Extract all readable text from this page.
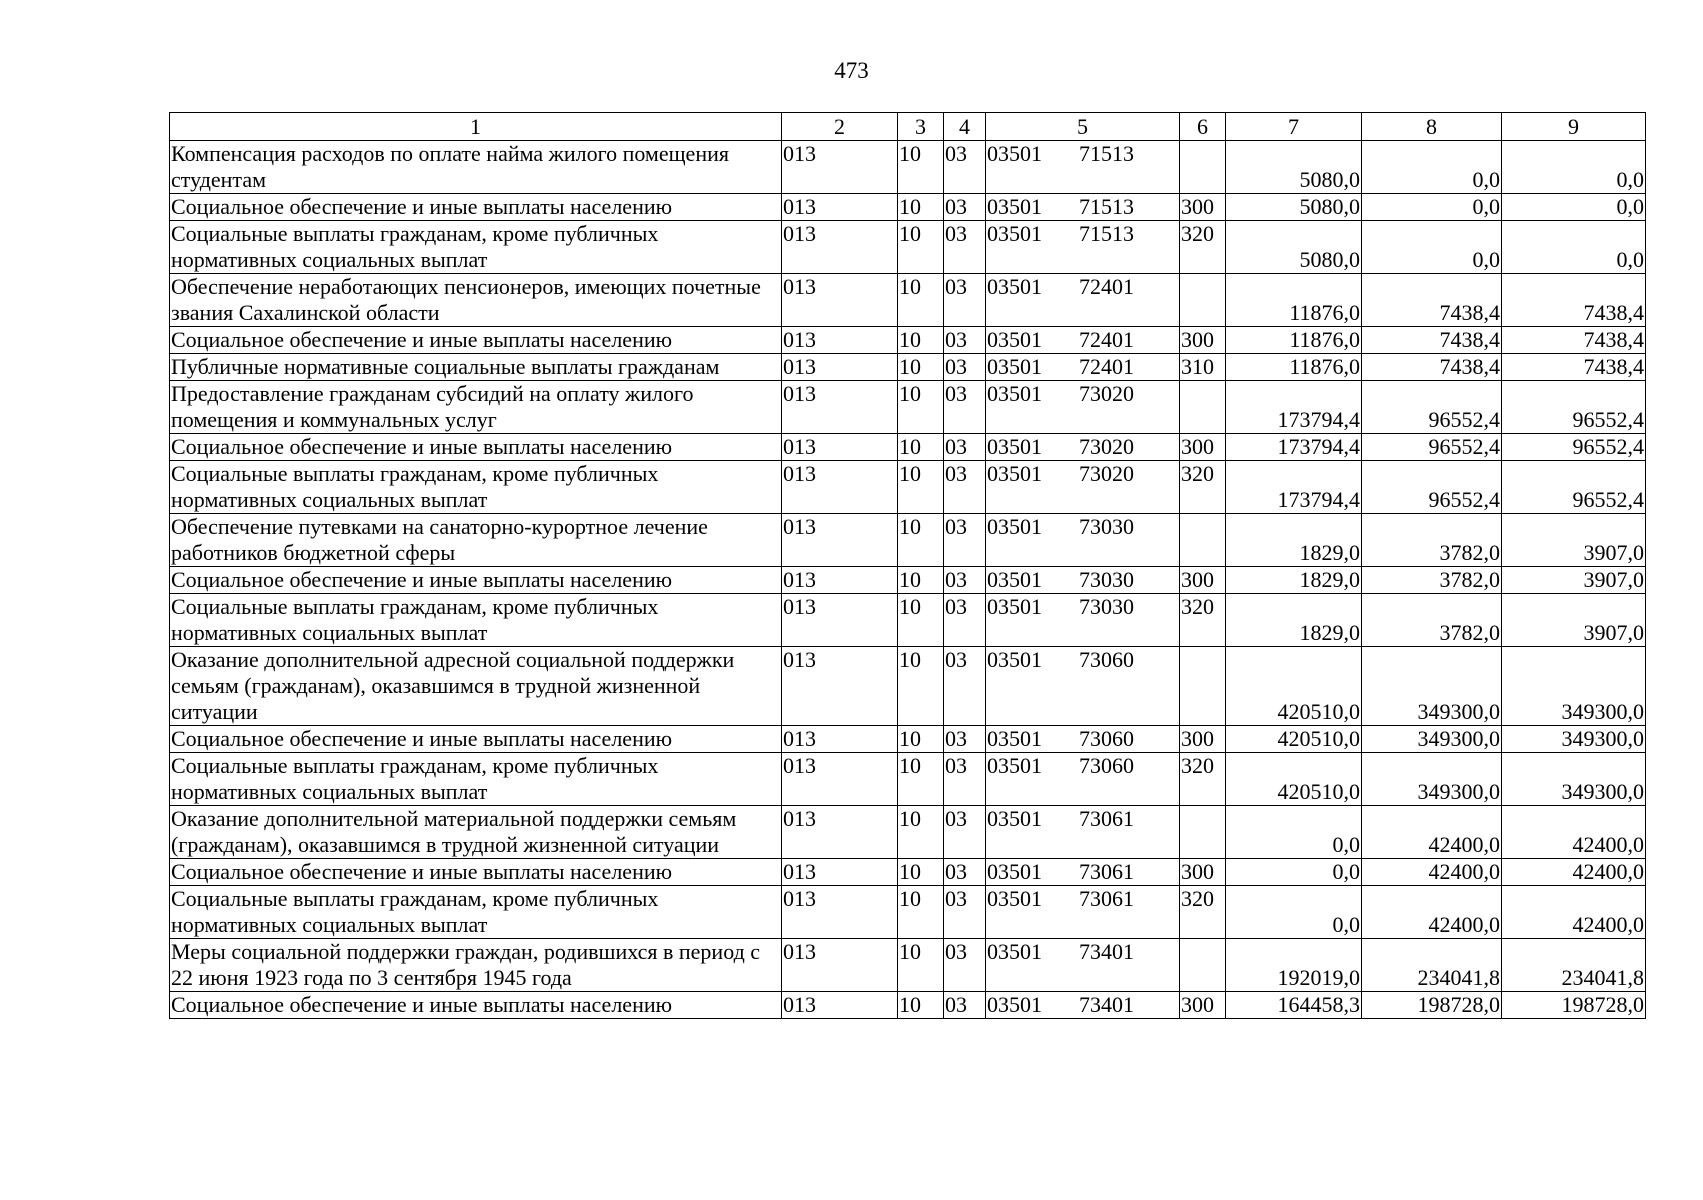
473
1	2	3	4	5	6	7	8	9
Компенсация расходов по оплате найма жилого помещения студентам	013	10	03	03501 71513		5080,0	0,0	0,0
Социальное обеспечение и иные выплаты населению	013	10	03	03501 71513	300	5080,0	0,0	0,0
Социальные выплаты гражданам, кроме публичных нормативных социальных выплат	013	10	03	03501 71513	320	5080,0	0,0	0,0
Обеспечение неработающих пенсионеров, имеющих почетные звания Сахалинской области	013	10	03	03501 72401		11876,0	7438,4	7438,4
Социальное обеспечение и иные выплаты населению	013	10	03	03501 72401	300	11876,0	7438,4	7438,4
Публичные нормативные социальные выплаты гражданам	013	10	03	03501 72401	310	11876,0	7438,4	7438,4
Предоставление гражданам субсидий на оплату жилого помещения и коммунальных услуг	013	10	03	03501 73020		173794,4	96552,4	96552,4
Социальное обеспечение и иные выплаты населению	013	10	03	03501 73020	300	173794,4	96552,4	96552,4
Социальные выплаты гражданам, кроме публичных нормативных социальных выплат	013	10	03	03501 73020	320	173794,4	96552,4	96552,4
Обеспечение путевками на санаторно-курортное лечение работников бюджетной сферы	013	10	03	03501 73030		1829,0	3782,0	3907,0
Социальное обеспечение и иные выплаты населению	013	10	03	03501 73030	300	1829,0	3782,0	3907,0
Социальные выплаты гражданам, кроме публичных нормативных социальных выплат	013	10	03	03501 73030	320	1829,0	3782,0	3907,0
Оказание дополнительной адресной социальной поддержки семьям (гражданам), оказавшимся в трудной жизненной ситуации	013	10	03	03501 73060		420510,0	349300,0	349300,0
Социальное обеспечение и иные выплаты населению	013	10	03	03501 73060	300	420510,0	349300,0	349300,0
Социальные выплаты гражданам, кроме публичных нормативных социальных выплат	013	10	03	03501 73060	320	420510,0	349300,0	349300,0
Оказание дополнительной материальной поддержки семьям (гражданам), оказавшимся в трудной жизненной ситуации	013	10	03	03501 73061		0,0	42400,0	42400,0
Социальное обеспечение и иные выплаты населению	013	10	03	03501 73061	300	0,0	42400,0	42400,0
Социальные выплаты гражданам, кроме публичных нормативных социальных выплат	013	10	03	03501 73061	320	0,0	42400,0	42400,0
Меры социальной поддержки граждан, родившихся в период с 22 июня 1923 года по 3 сентября 1945 года	013	10	03	03501 73401		192019,0	234041,8	234041,8
Социальное обеспечение и иные выплаты населению	013	10	03	03501 73401	300	164458,3	198728,0	198728,0
